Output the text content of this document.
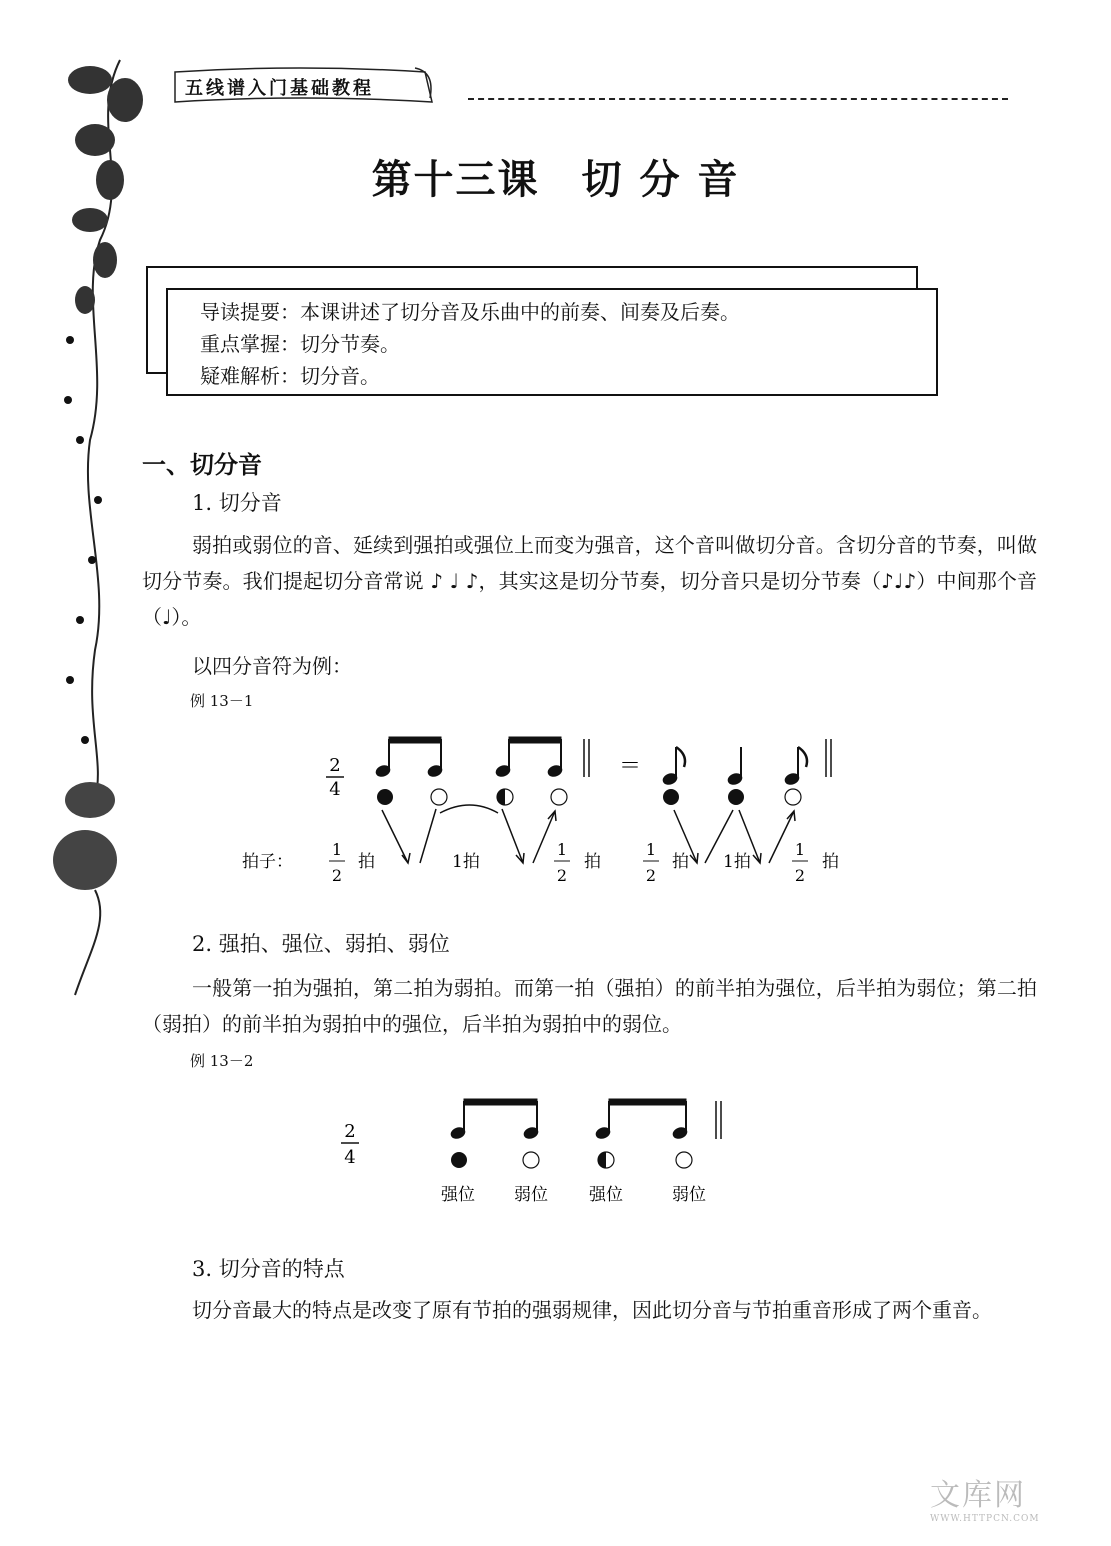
五线谱入门基础教程
第十三课　切 分 音
导读提要：本课讲述了切分音及乐曲中的前奏、间奏及后奏。
重点掌握：切分节奏。
疑难解析：切分音。
一、切分音
1. 切分音
弱拍或弱位的音、延续到强拍或强位上而变为强音，这个音叫做切分音。含切分音的节奏，叫做切分节奏。我们提起切分音常说 ♪ ♩ ♪，其实这是切分节奏，切分音只是切分节奏（♪♩♪）中间那个音（♩）。
以四分音符为例：
例 13－1
2
4
＝
拍子：
1
2
拍	1拍
1
2
拍
1
2
拍 1拍
1
2
拍
2. 强拍、强位、弱拍、弱位
一般第一拍为强拍，第二拍为弱拍。而第一拍（强拍）的前半拍为强位，后半拍为弱位；第二拍（弱拍）的前半拍为弱拍中的强位，后半拍为弱拍中的弱位。
例 13－2
2
4
强位 弱位 强位	弱位
3. 切分音的特点
切分音最大的特点是改变了原有节拍的强弱规律，因此切分音与节拍重音形成了两个重音。
文库网
WWW.HTTPCN.COM
